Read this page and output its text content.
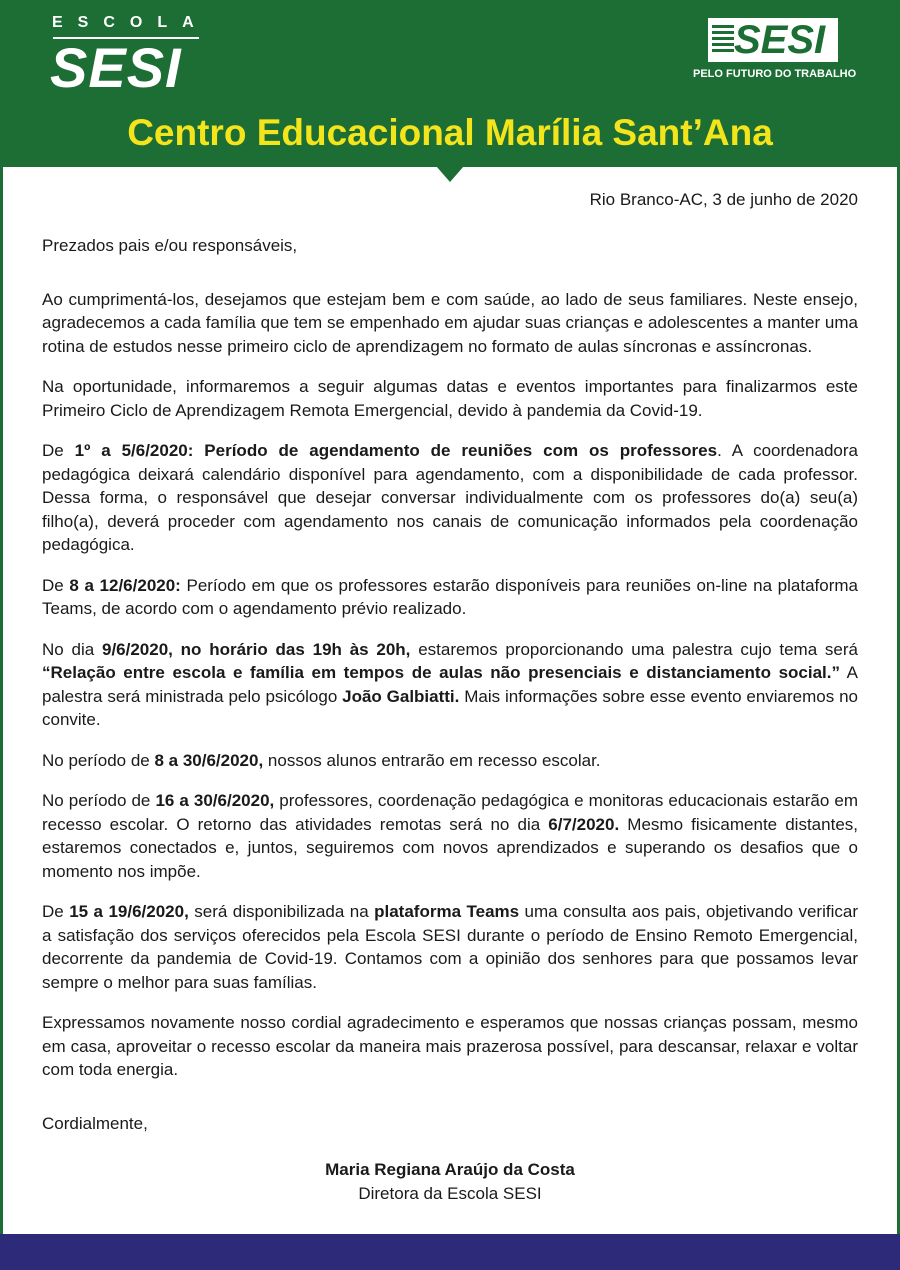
ESCOLA
SESI	SESI
PELO FUTURO DO TRABALHO
Centro Educacional Marília Sant’Ana
Rio Branco-AC, 3 de junho de 2020

Prezados pais e/ou responsáveis,

Ao cumprimentá-los, desejamos que estejam bem e com saúde, ao lado de seus familiares. Neste ensejo, agradecemos a cada família que tem se empenhado em ajudar suas crianças e adolescentes a manter uma rotina de estudos nesse primeiro ciclo de aprendizagem no formato de aulas síncronas e assíncronas.

Na oportunidade, informaremos a seguir algumas datas e eventos importantes para finalizarmos este Primeiro Ciclo de Aprendizagem Remota Emergencial, devido à pandemia da Covid-19.

De 1º a 5/6/2020: Período de agendamento de reuniões com os professores. A coordenadora pedagógica deixará calendário disponível para agendamento, com a disponibilidade de cada professor. Dessa forma, o responsável que desejar conversar individualmente com os professores do(a) seu(a) filho(a), deverá proceder com agendamento nos canais de comunicação informados pela coordenação pedagógica.

De 8 a 12/6/2020: Período em que os professores estarão disponíveis para reuniões on-line na plataforma Teams, de acordo com o agendamento prévio realizado.

No dia 9/6/2020, no horário das 19h às 20h, estaremos proporcionando uma palestra cujo tema será “Relação entre escola e família em tempos de aulas não presenciais e distanciamento social.” A palestra será ministrada pelo psicólogo João Galbiatti. Mais informações sobre esse evento enviaremos no convite.

No período de 8 a 30/6/2020, nossos alunos entrarão em recesso escolar.

No período de 16 a 30/6/2020, professores, coordenação pedagógica e monitoras educacionais estarão em recesso escolar. O retorno das atividades remotas será no dia 6/7/2020. Mesmo fisicamente distantes, estaremos conectados e, juntos, seguiremos com novos aprendizados e superando os desafios que o momento nos impõe.

De 15 a 19/6/2020, será disponibilizada na plataforma Teams uma consulta aos pais, objetivando verificar a satisfação dos serviços oferecidos pela Escola SESI durante o período de Ensino Remoto Emergencial, decorrente da pandemia de Covid-19. Contamos com a opinião dos senhores para que possamos levar sempre o melhor para suas famílias.

Expressamos novamente nosso cordial agradecimento e esperamos que nossas crianças possam, mesmo em casa, aproveitar o recesso escolar da maneira mais prazerosa possível, para descansar, relaxar e voltar com toda energia.

Cordialmente,

Maria Regiana Araújo da Costa
Diretora da Escola SESI
